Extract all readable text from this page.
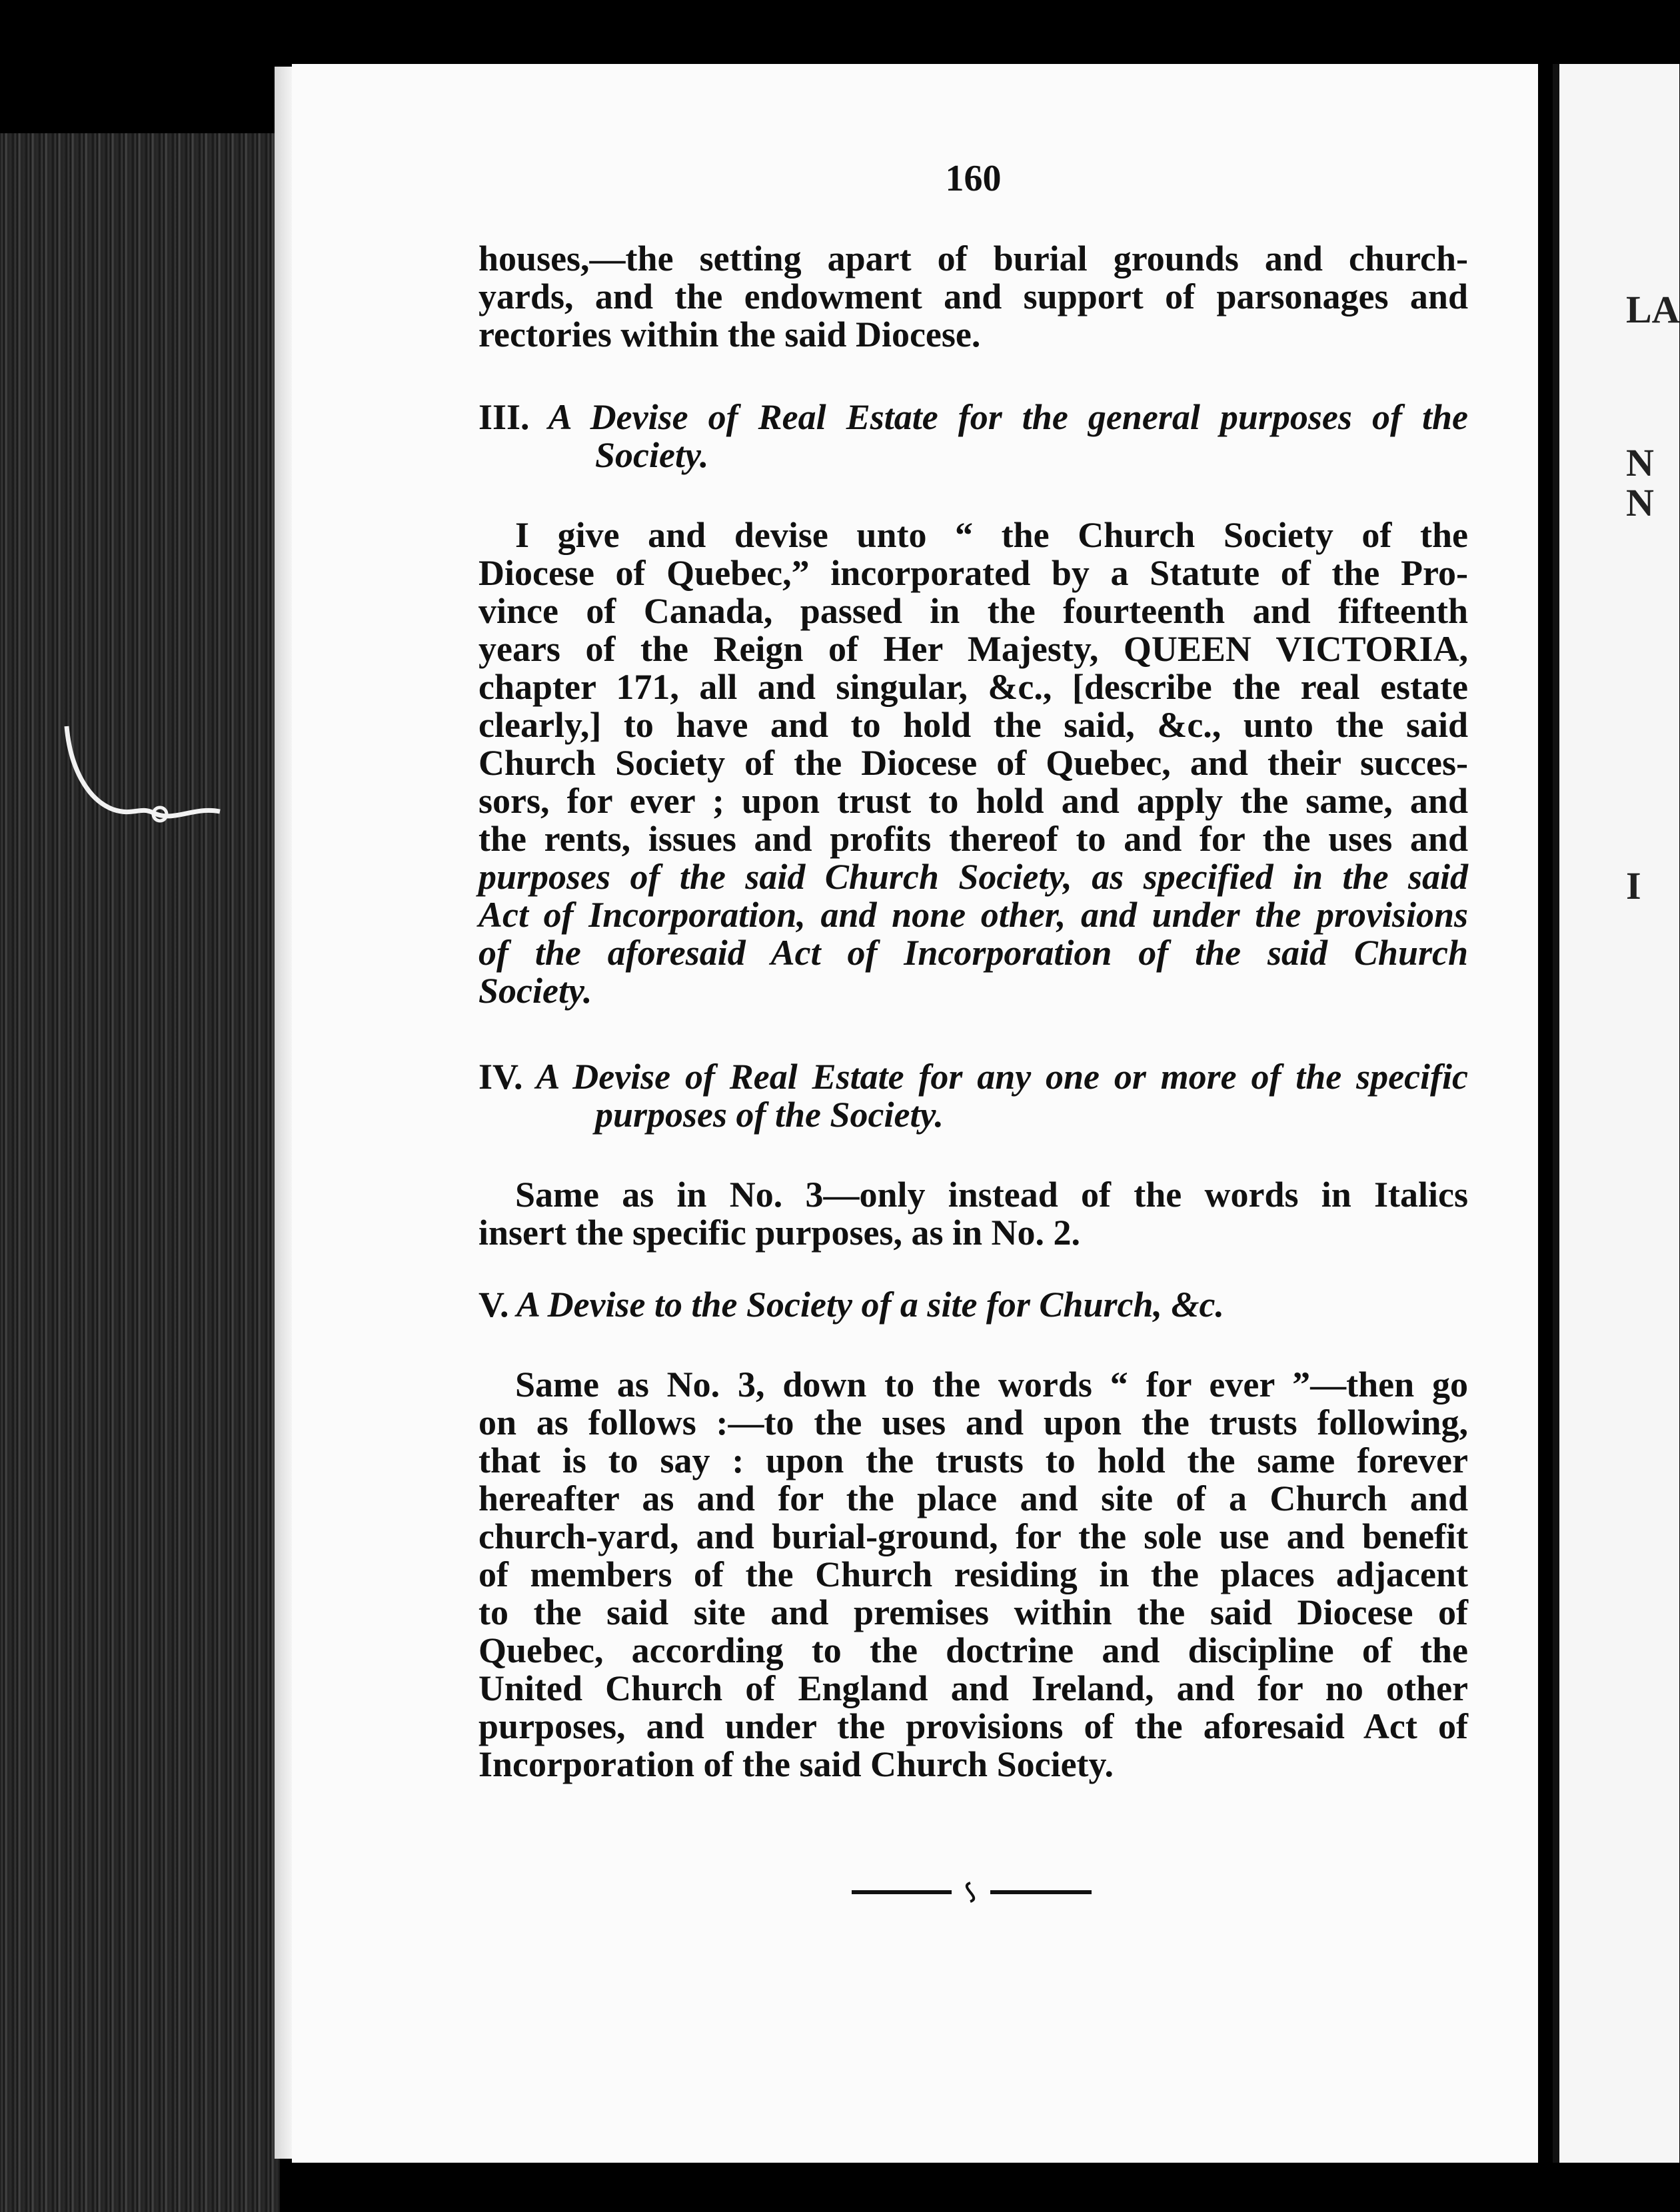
LA
N
N
I
160
houses,—the setting apart of burial grounds and church-
yards, and the endowment and support of parsonages and
rectories within the said Diocese.
III. A Devise of Real Estate for the general purposes of the
Society.
I give and devise unto “ the Church Society of the
Diocese of Quebec,” incorporated by a Statute of the Pro-
vince of Canada, passed in the fourteenth and fifteenth
years of the Reign of Her Majesty, QUEEN VICTORIA,
chapter 171, all and singular, &c., [describe the real estate
clearly,] to have and to hold the said, &c., unto the said
Church Society of the Diocese of Quebec, and their succes-
sors, for ever ; upon trust to hold and apply the same, and
the rents, issues and profits thereof to and for the uses and
purposes of the said Church Society, as specified in the said
Act of Incorporation, and none other, and under the provisions
of the aforesaid Act of Incorporation of the said Church
Society.
IV. A Devise of Real Estate for any one or more of the specific
purposes of the Society.
Same as in No. 3—only instead of the words in Italics
insert the specific purposes, as in No. 2.
V. A Devise to the Society of a site for Church, &c.
Same as No. 3, down to the words “ for ever ”—then go
on as follows :—to the uses and upon the trusts following,
that is to say : upon the trusts to hold the same forever
hereafter as and for the place and site of a Church and
church-yard, and burial-ground, for the sole use and benefit
of members of the Church residing in the places adjacent
to the said site and premises within the said Diocese of
Quebec, according to the doctrine and discipline of the
United Church of England and Ireland, and for no other
purposes, and under the provisions of the aforesaid Act of
Incorporation of the said Church Society.
